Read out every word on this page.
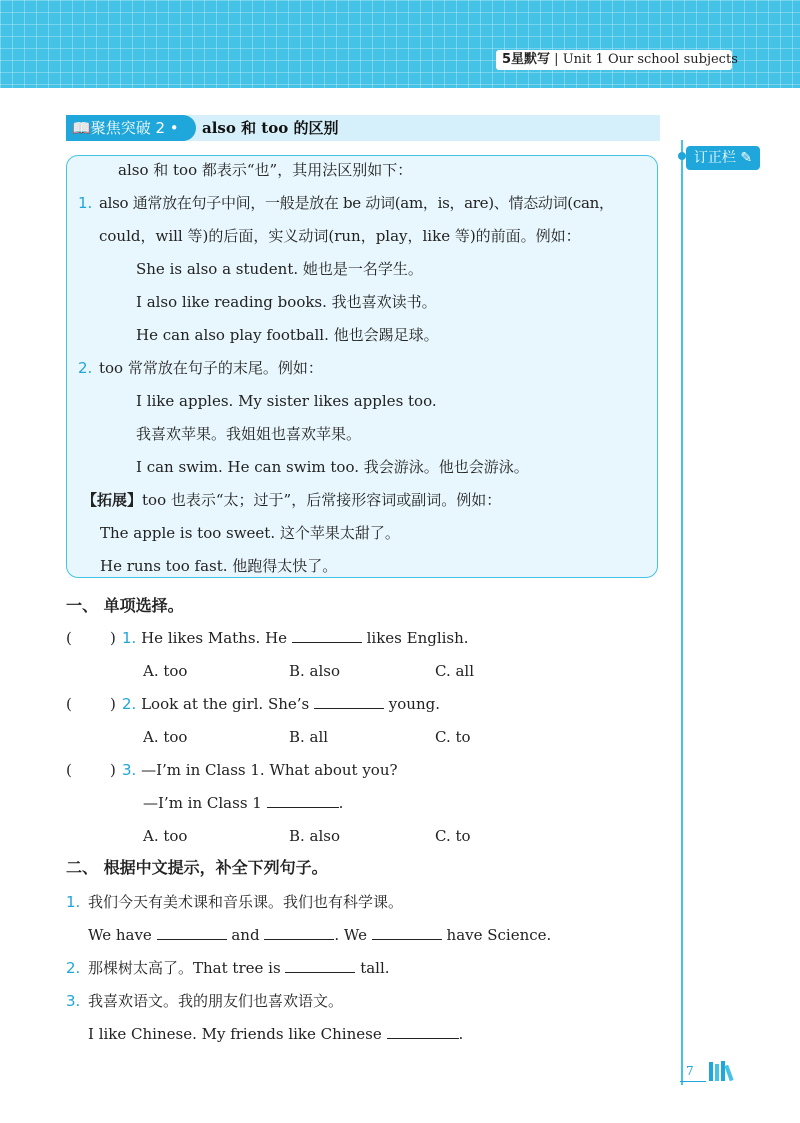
5星默写 | Unit 1 Our school subjects
📖聚焦突破 2 •	also 和 too 的区别
订正栏 ✎
also 和 too 都表示“也”，其用法区别如下：
1. also 通常放在句子中间，一般是放在 be 动词(am，is，are)、情态动词(can，
could，will 等)的后面，实义动词(run，play，like 等)的前面。例如：
She is also a student. 她也是一名学生。
I also like reading books. 我也喜欢读书。
He can also play football. 他也会踢足球。
2. too 常常放在句子的末尾。例如：
I like apples. My sister likes apples too.
我喜欢苹果。我姐姐也喜欢苹果。
I can swim. He can swim too. 我会游泳。他也会游泳。
【拓展】too 也表示“太；过于”，后常接形容词或副词。例如：
The apple is too sweet. 这个苹果太甜了。
He runs too fast. 他跑得太快了。
一、 单项选择。
(        ) 1. He likes Maths. He	likes English.
A. too	B. also	C. all
(        ) 2. Look at the girl. She’s	young.
A. too	B. all	C. to
(        ) 3. —I’m in Class 1. What about you?
—I’m in Class 1	.
A. too	B. also	C. to
二、 根据中文提示，补全下列句子。
1. 我们今天有美术课和音乐课。我们也有科学课。
We have	and	. We	have Science.
2. 那棵树太高了。That tree is	tall.
3. 我喜欢语文。我的朋友们也喜欢语文。
I like Chinese. My friends like Chinese	.
7
